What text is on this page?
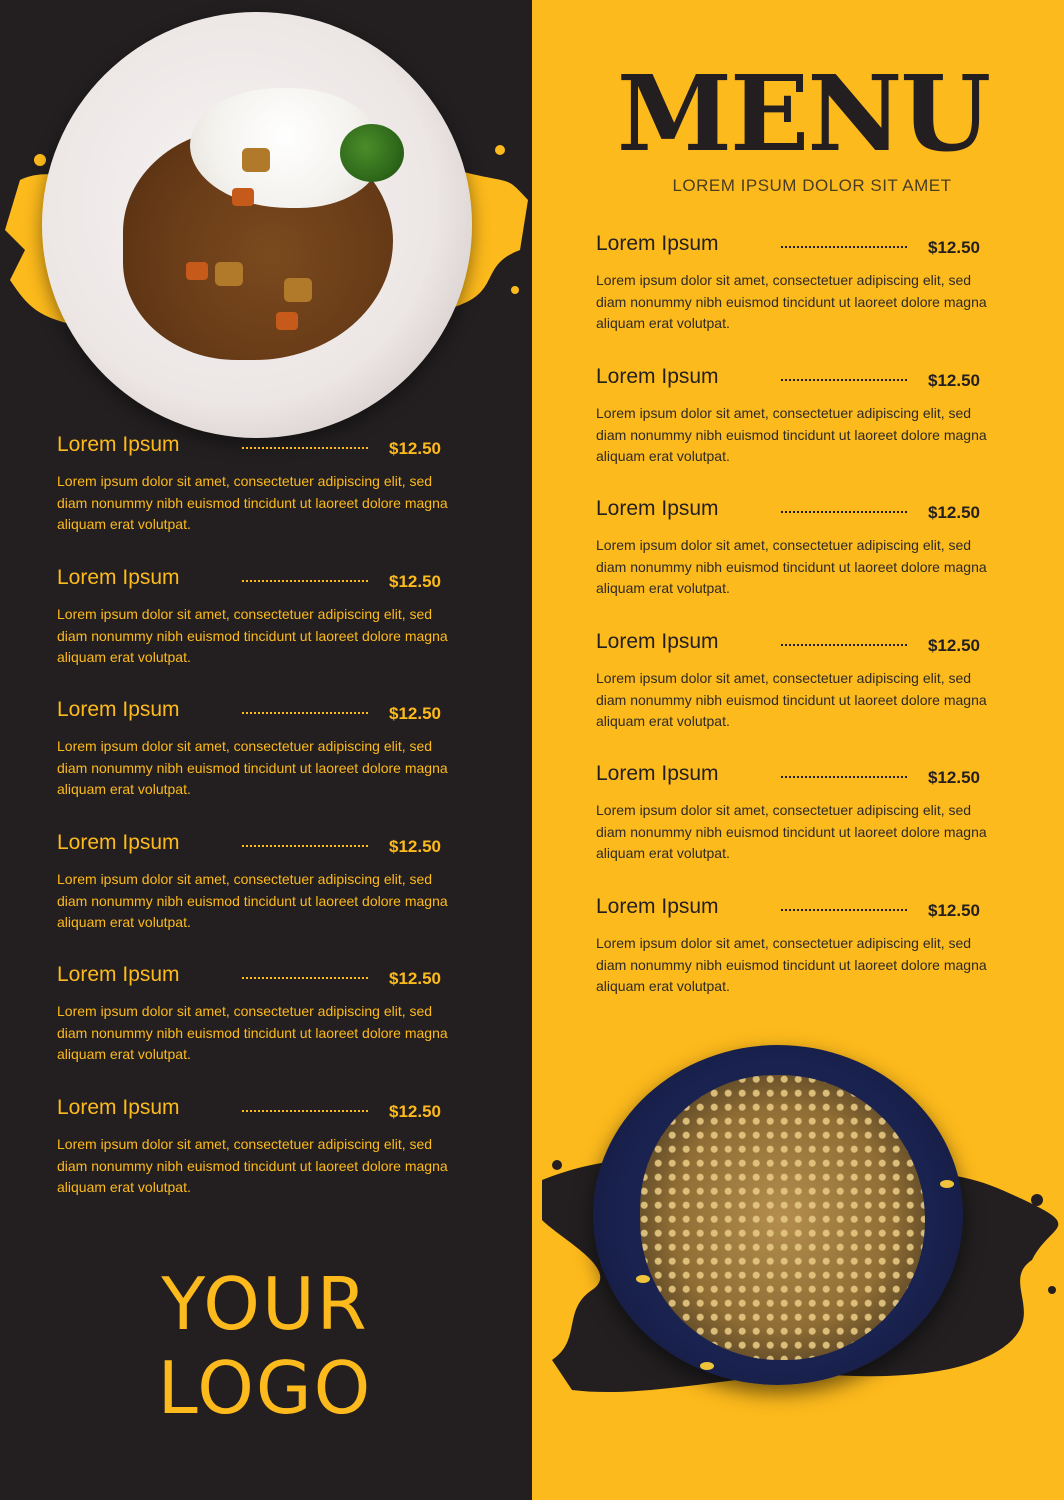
MENU
LOREM IPSUM DOLOR SIT AMET
Lorem Ipsum	$12.50
Lorem ipsum dolor sit amet, consectetuer adipiscing elit, sed diam nonummy nibh euismod tincidunt ut laoreet dolore magna aliquam erat volutpat.
Lorem Ipsum	$12.50
Lorem ipsum dolor sit amet, consectetuer adipiscing elit, sed diam nonummy nibh euismod tincidunt ut laoreet dolore magna aliquam erat volutpat.
Lorem Ipsum	$12.50
Lorem ipsum dolor sit amet, consectetuer adipiscing elit, sed diam nonummy nibh euismod tincidunt ut laoreet dolore magna aliquam erat volutpat.
Lorem Ipsum	$12.50
Lorem ipsum dolor sit amet, consectetuer adipiscing elit, sed diam nonummy nibh euismod tincidunt ut laoreet dolore magna aliquam erat volutpat.
Lorem Ipsum	$12.50
Lorem ipsum dolor sit amet, consectetuer adipiscing elit, sed diam nonummy nibh euismod tincidunt ut laoreet dolore magna aliquam erat volutpat.
Lorem Ipsum	$12.50
Lorem ipsum dolor sit amet, consectetuer adipiscing elit, sed diam nonummy nibh euismod tincidunt ut laoreet dolore magna aliquam erat volutpat.
Lorem Ipsum	$12.50
Lorem ipsum dolor sit amet, consectetuer adipiscing elit, sed diam nonummy nibh euismod tincidunt ut laoreet dolore magna aliquam erat volutpat.
Lorem Ipsum	$12.50
Lorem ipsum dolor sit amet, consectetuer adipiscing elit, sed diam nonummy nibh euismod tincidunt ut laoreet dolore magna aliquam erat volutpat.
Lorem Ipsum	$12.50
Lorem ipsum dolor sit amet, consectetuer adipiscing elit, sed diam nonummy nibh euismod tincidunt ut laoreet dolore magna aliquam erat volutpat.
Lorem Ipsum	$12.50
Lorem ipsum dolor sit amet, consectetuer adipiscing elit, sed diam nonummy nibh euismod tincidunt ut laoreet dolore magna aliquam erat volutpat.
Lorem Ipsum	$12.50
Lorem ipsum dolor sit amet, consectetuer adipiscing elit, sed diam nonummy nibh euismod tincidunt ut laoreet dolore magna aliquam erat volutpat.
Lorem Ipsum	$12.50
Lorem ipsum dolor sit amet, consectetuer adipiscing elit, sed diam nonummy nibh euismod tincidunt ut laoreet dolore magna aliquam erat volutpat.
YOUR
LOGO
